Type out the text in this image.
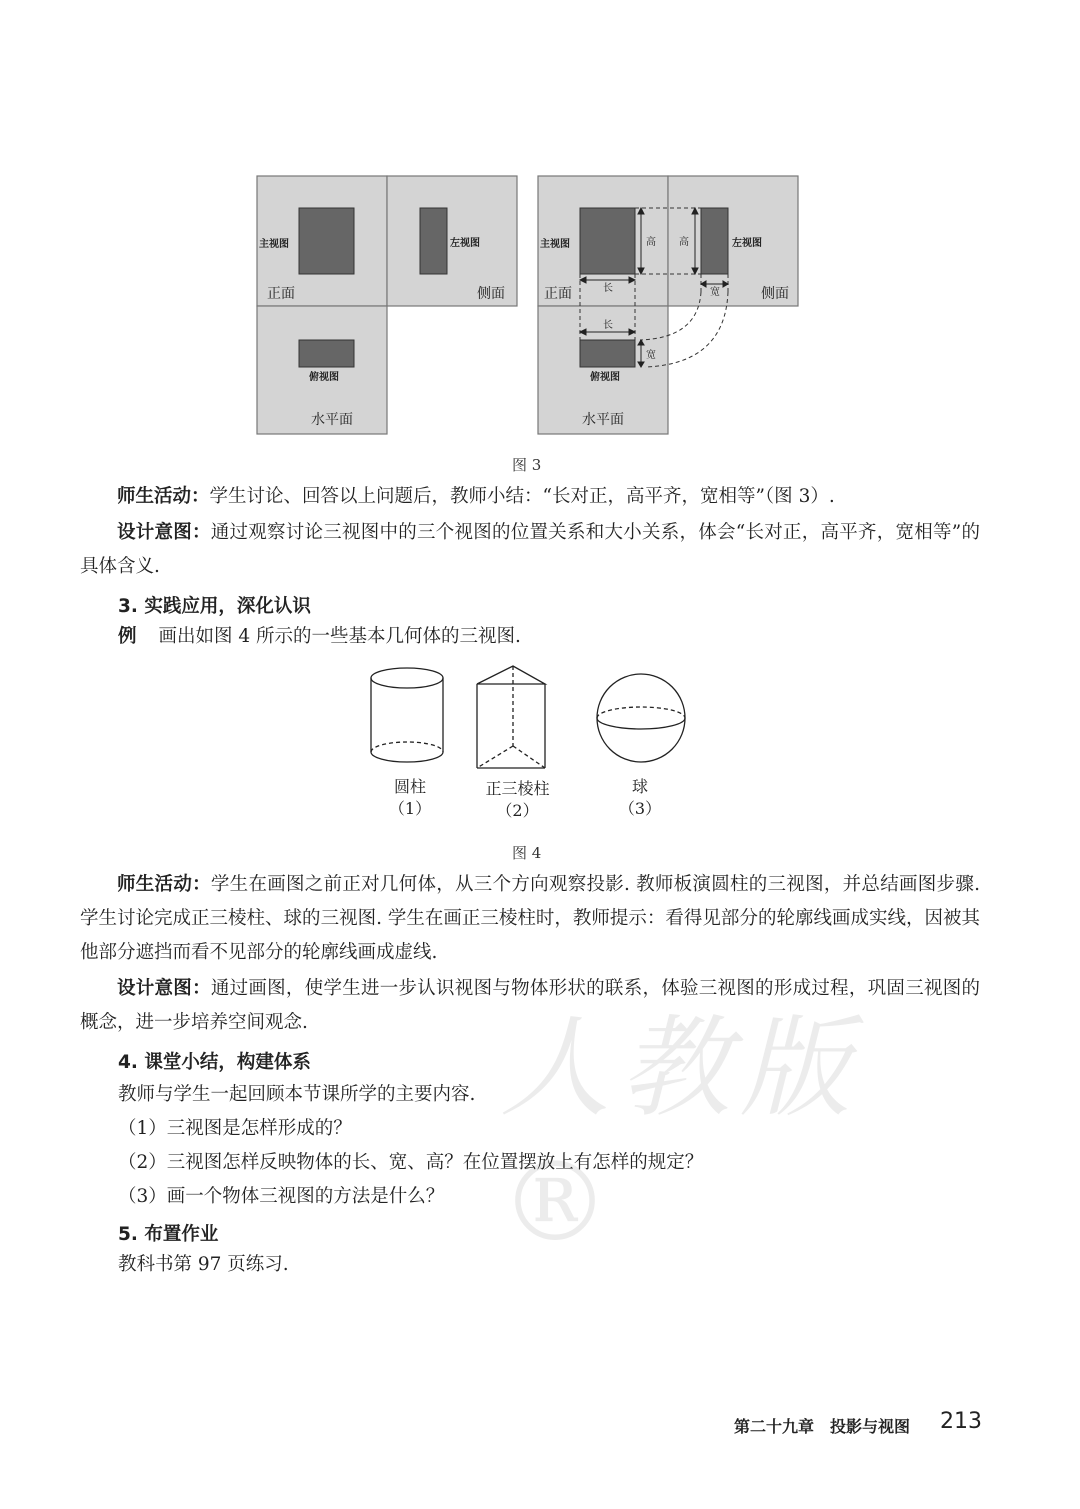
人教版®
主视图	左视图
俯视图
正面	侧面
水平面
主视图	左视图
俯视图
正面	侧面
水平面
高 高
长
长
宽
宽
图 3
师生活动：学生讨论、回答以上问题后，教师小结：“长对正，高平齐，宽相等”（图 3）.
设计意图：通过观察讨论三视图中的三个视图的位置关系和大小关系，体会“长对正，高平齐，宽相等”的具体含义.
3. 实践应用，深化认识
例 画出如图 4 所示的一些基本几何体的三视图.
圆柱
（1）
正三棱柱
（2）
球
（3）
图 4
师生活动：学生在画图之前正对几何体，从三个方向观察投影. 教师板演圆柱的三视图，并总结画图步骤. 学生讨论完成正三棱柱、球的三视图. 学生在画正三棱柱时，教师提示：看得见部分的轮廓线画成实线，因被其他部分遮挡而看不见部分的轮廓线画成虚线.
设计意图：通过画图，使学生进一步认识视图与物体形状的联系，体验三视图的形成过程，巩固三视图的概念，进一步培养空间观念.
4. 课堂小结，构建体系
教师与学生一起回顾本节课所学的主要内容.
（1）三视图是怎样形成的？
（2）三视图怎样反映物体的长、宽、高？在位置摆放上有怎样的规定？
（3）画一个物体三视图的方法是什么？
5. 布置作业
教科书第 97 页练习.
第二十九章　投影与视图 213
